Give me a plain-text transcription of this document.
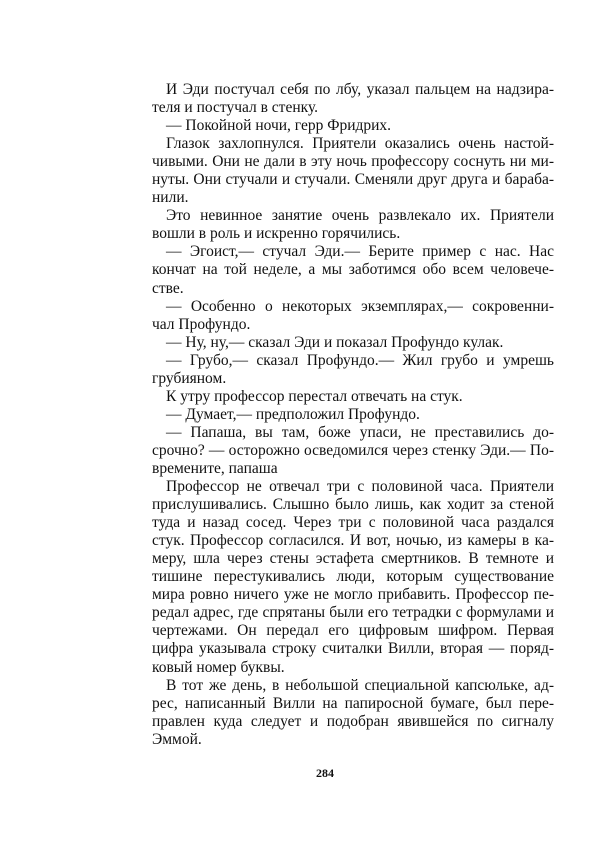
И Эди постучал себя по лбу, указал пальцем на надзира-
теля и постучал в стенку.
— Покойной ночи, герр Фридрих.
Глазок захлопнулся. Приятели оказались очень настой-
чивыми. Они не дали в эту ночь профессору соснуть ни ми-
нуты. Они стучали и стучали. Сменяли друг друга и бараба-
нили.
Это невинное занятие очень развлекало их. Приятели
вошли в роль и искренно горячились.
— Эгоист,— стучал Эди.— Берите пример с нас. Нас
кончат на той неделе, а мы заботимся обо всем человече-
стве.
— Особенно о некоторых экземплярах,— сокровенни-
чал Профундо.
— Ну, ну,— сказал Эди и показал Профундо кулак.
— Грубо,— сказал Профундо.— Жил грубо и умрешь
грубияном.
К утру профессор перестал отвечать на стук.
— Думает,— предположил Профундо.
— Папаша, вы там, боже упаси, не преставились до-
срочно? — осторожно осведомился через стенку Эди.— По-
времените, папаша
Профессор не отвечал три с половиной часа. Приятели
прислушивались. Слышно было лишь, как ходит за стеной
туда и назад сосед. Через три с половиной часа раздался
стук. Профессор согласился. И вот, ночью, из камеры в ка-
меру, шла через стены эстафета смертников. В темноте и
тишине перестукивались люди, которым существование
мира ровно ничего уже не могло прибавить. Профессор пе-
редал адрес, где спрятаны были его тетрадки с формулами и
чертежами. Он передал его цифровым шифром. Первая
цифра указывала строку считалки Вилли, вторая — поряд-
ковый номер буквы.
В тот же день, в небольшой специальной капсюльке, ад-
рес, написанный Вилли на папиросной бумаге, был пере-
правлен куда следует и подобран явившейся по сигналу
Эммой.
284
